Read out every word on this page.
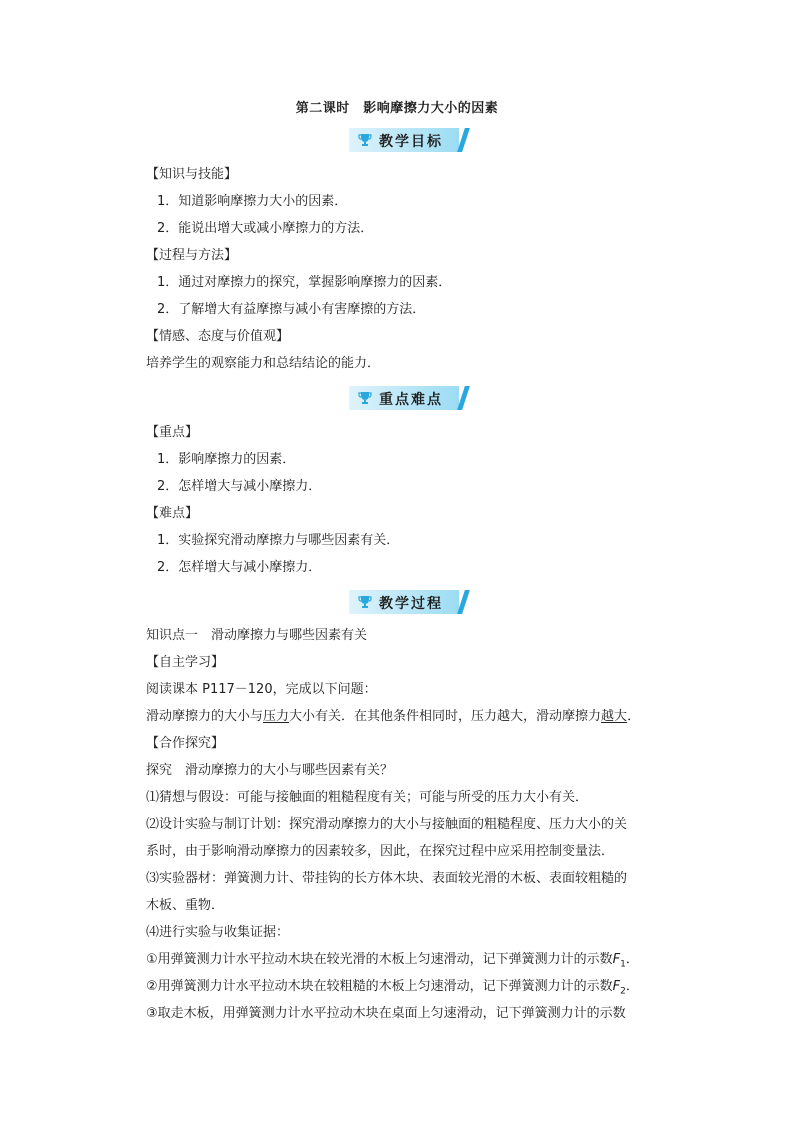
第二课时　影响摩擦力大小的因素
教学目标
【知识与技能】
1．知道影响摩擦力大小的因素．
2．能说出增大或减小摩擦力的方法．
【过程与方法】
1．通过对摩擦力的探究，掌握影响摩擦力的因素．
2．了解增大有益摩擦与减小有害摩擦的方法．
【情感、态度与价值观】
培养学生的观察能力和总结结论的能力．
重点难点
【重点】
1．影响摩擦力的因素．
2．怎样增大与减小摩擦力．
【难点】
1．实验探究滑动摩擦力与哪些因素有关．
2．怎样增大与减小摩擦力．
教学过程
知识点一　滑动摩擦力与哪些因素有关
【自主学习】
阅读课本 P117－120，完成以下问题：
滑动摩擦力的大小与压力大小有关．在其他条件相同时，压力越大，滑动摩擦力越大．
【合作探究】
探究　滑动摩擦力的大小与哪些因素有关？
⑴猜想与假设：可能与接触面的粗糙程度有关；可能与所受的压力大小有关．
⑵设计实验与制订计划：探究滑动摩擦力的大小与接触面的粗糙程度、压力大小的关
系时，由于影响滑动摩擦力的因素较多，因此，在探究过程中应采用控制变量法．
⑶实验器材：弹簧测力计、带挂钩的长方体木块、表面较光滑的木板、表面较粗糙的
木板、重物．
⑷进行实验与收集证据：
①用弹簧测力计水平拉动木块在较光滑的木板上匀速滑动，记下弹簧测力计的示数$F_1$．
②用弹簧测力计水平拉动木块在较粗糙的木板上匀速滑动，记下弹簧测力计的示数$F_2$．
③取走木板，用弹簧测力计水平拉动木块在桌面上匀速滑动，记下弹簧测力计的示数
